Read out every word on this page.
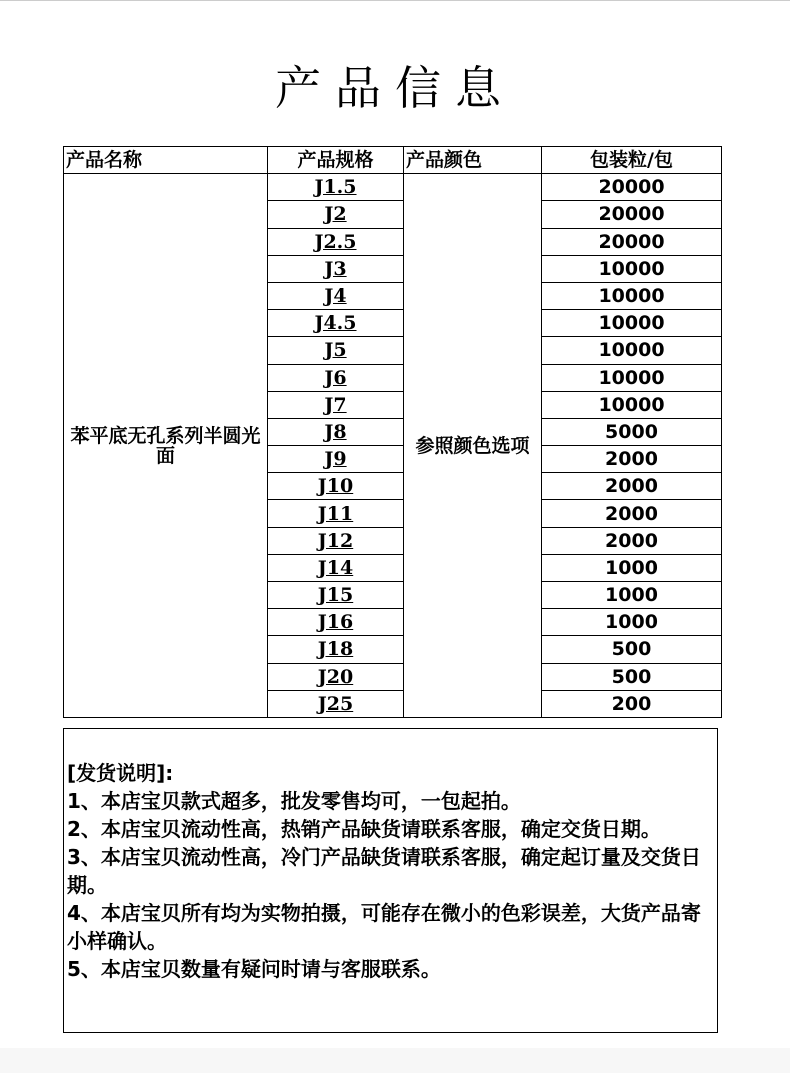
产品信息
产品名称	产品规格	产品颜色	包装粒/包
苯平底无孔系列半圆光面	J1.5	参照颜色选项	20000
	J2		20000
	J2.5		20000
	J3		10000
	J4		10000
	J4.5		10000
	J5		10000
	J6		10000
	J7		10000
	J8		5000
	J9		2000
	J10		2000
	J11		2000
	J12		2000
	J14		1000
	J15		1000
	J16		1000
	J18		500
	J20		500
	J25		200
[发货说明]:
1、本店宝贝款式超多，批发零售均可，一包起拍。
2、本店宝贝流动性高，热销产品缺货请联系客服，确定交货日期。
3、本店宝贝流动性高，冷门产品缺货请联系客服，确定起订量及交货日期。
4、本店宝贝所有均为实物拍摄，可能存在微小的色彩误差，大货产品寄小样确认。
5、本店宝贝数量有疑问时请与客服联系。
